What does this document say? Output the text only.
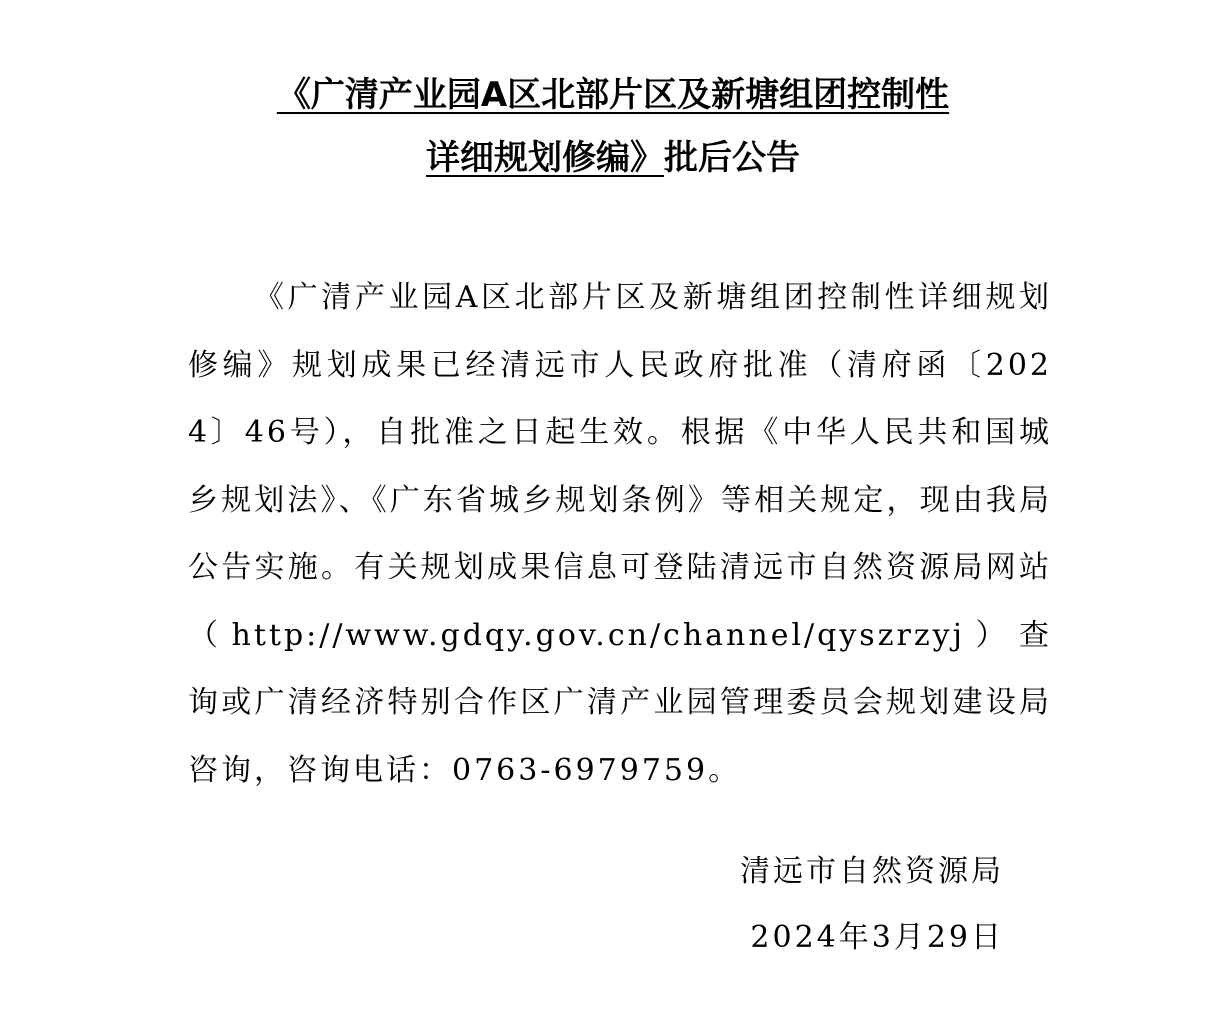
《广清产业园A区北部片区及新塘组团控制性
详细规划修编》批后公告

《广清产业园A区北部片区及新塘组团控制性详细规划修编》规划成果已经清远市人民政府批准（清府函〔2024〕46号），自批准之日起生效。根据《中华人民共和国城乡规划法》、《广东省城乡规划条例》等相关规定，现由我局公告实施。有关规划成果信息可登陆清远市自然资源局网站（http://www.gdqy.gov.cn/channel/qyszrzyj）查询或广清经济特别合作区广清产业园管理委员会规划建设局咨询，咨询电话：0763-6979759。

清远市自然资源局
2024年3月29日
